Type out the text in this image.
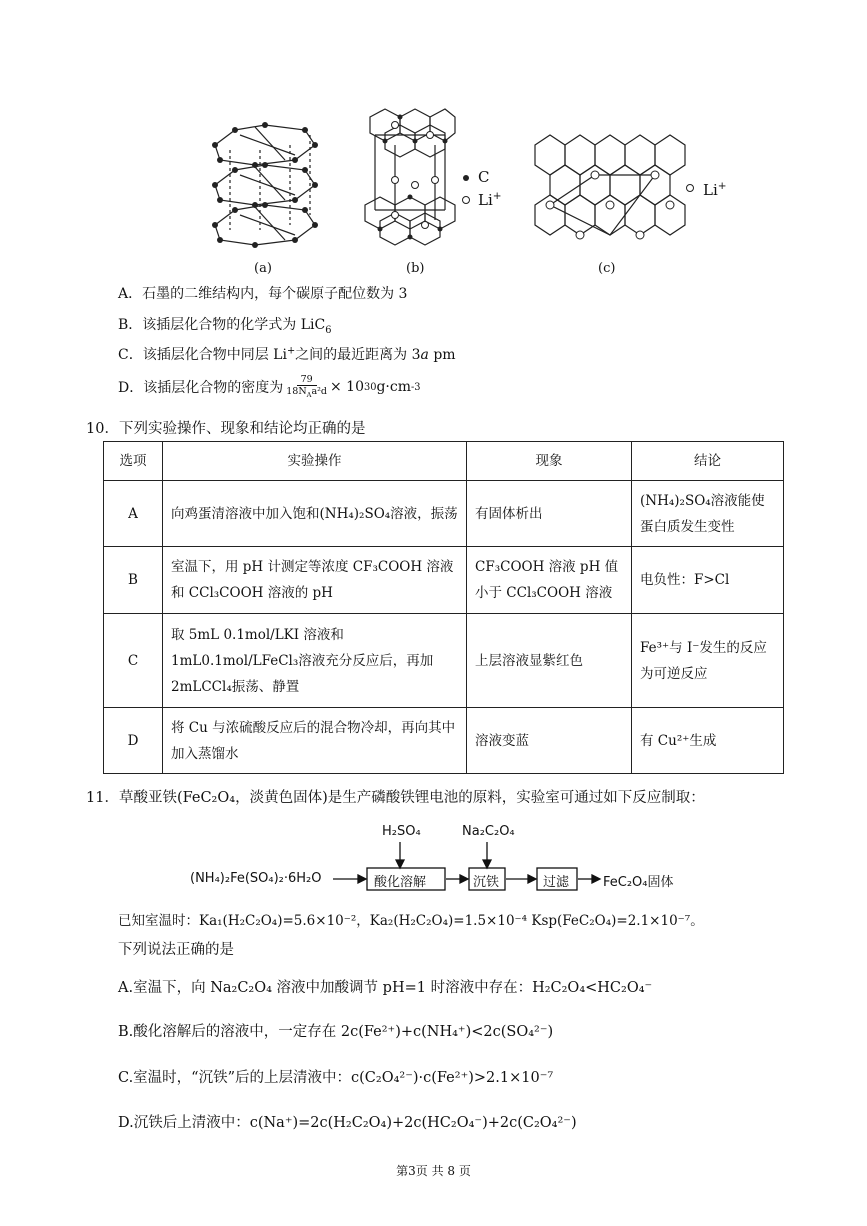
C
Li+	Li+
(a)	(b)	(c)
A．石墨的二维结构内，每个碳原子配位数为 3
B．该插层化合物的化学式为 LiC$_6$
C．该插层化合物中同层 Li+之间的最近距离为 3a pm
D．该插层化合物的密度为
79
$18N_Aa^2d \times 10$ 30 g·cm -3
10．下列实验操作、现象和结论均正确的是
选项	实验操作	现象	结论
A	向鸡蛋清溶液中加入饱和(NH₄)₂SO₄溶液，振荡	有固体析出	(NH₄)₂SO₄溶液能使蛋白质发生变性
B	室温下，用 pH 计测定等浓度 CF₃COOH 溶液和 CCl₃COOH 溶液的 pH	CF₃COOH 溶液 pH 值小于 CCl₃COOH 溶液	电负性：F>Cl
C	取 5mL 0.1mol/LKI 溶液和 1mL0.1mol/LFeCl₃溶液充分反应后，再加 2mLCCl₄振荡、静置	上层溶液显紫红色	Fe³⁺与 I⁻发生的反应为可逆反应
D	将 Cu 与浓硫酸反应后的混合物冷却，再向其中加入蒸馏水	溶液变蓝	有 Cu²⁺生成
11．草酸亚铁(FeC₂O₄，淡黄色固体)是生产磷酸铁锂电池的原料，实验室可通过如下反应制取：
(NH₄)₂Fe(SO₄)₂·6H₂O
H₂SO₄	Na₂C₂O₄
酸化溶解	沉铁	过滤	FeC₂O₄固体
已知室温时：Ka₁(H₂C₂O₄)=5.6×10⁻²，Ka₂(H₂C₂O₄)=1.5×10⁻⁴ Ksp(FeC₂O₄)=2.1×10⁻⁷。
下列说法正确的是
A.室温下，向 Na₂C₂O₄ 溶液中加酸调节 pH=1 时溶液中存在：H₂C₂O₄<HC₂O₄⁻
B.酸化溶解后的溶液中，一定存在 2c(Fe²⁺)+c(NH₄⁺)<2c(SO₄²⁻)
C.室温时，“沉铁”后的上层清液中：c(C₂O₄²⁻)·c(Fe²⁺)>2.1×10⁻⁷
D.沉铁后上清液中：c(Na⁺)=2c(H₂C₂O₄)+2c(HC₂O₄⁻)+2c(C₂O₄²⁻)
第3页 共 8 页
